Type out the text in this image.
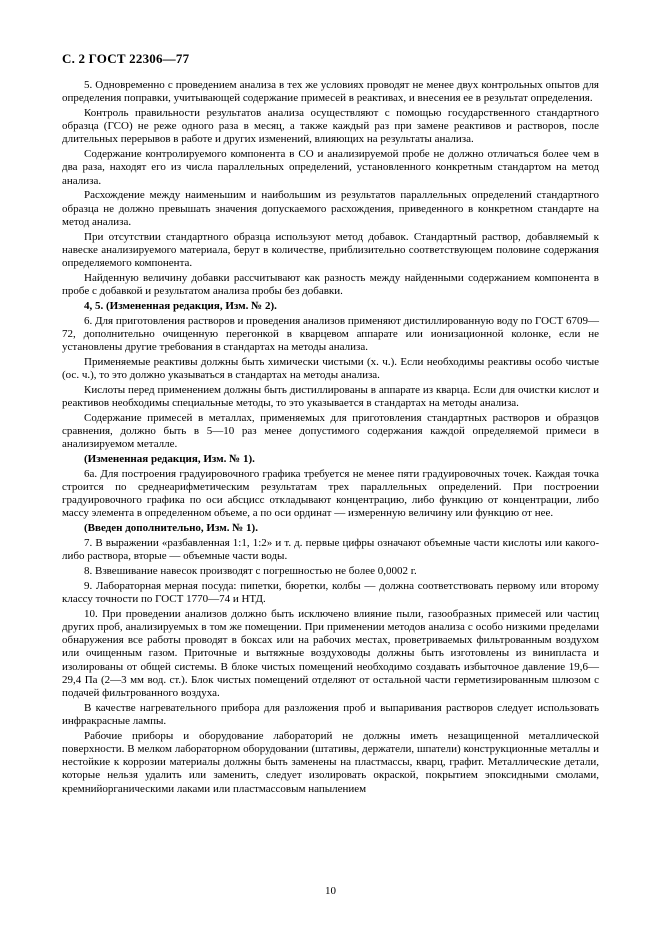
С. 2 ГОСТ 22306—77

5. Одновременно с проведением анализа в тех же условиях проводят не менее двух контрольных опытов для определения поправки, учитывающей содержание примесей в реактивах, и внесения ее в результат определения.

Контроль правильности результатов анализа осуществляют с помощью государственного стандартного образца (ГСО) не реже одного раза в месяц, а также каждый раз при замене реактивов и растворов, после длительных перерывов в работе и других изменений, влияющих на результаты анализа.

Содержание контролируемого компонента в СО и анализируемой пробе не должно отличаться более чем в два раза, находят его из числа параллельных определений, установленного конкретным стандартом на метод анализа.

Расхождение между наименьшим и наибольшим из результатов параллельных определений стандартного образца не должно превышать значения допускаемого расхождения, приведенного в конкретном стандарте на метод анализа.

При отсутствии стандартного образца используют метод добавок. Стандартный раствор, добавляемый к навеске анализируемого материала, берут в количестве, приблизительно соответствующем половине содержания определяемого компонента.

Найденную величину добавки рассчитывают как разность между найденными содержанием компонента в пробе с добавкой и результатом анализа пробы без добавки.

4, 5. (Измененная редакция, Изм. № 2).

6. Для приготовления растворов и проведения анализов применяют дистиллированную воду по ГОСТ 6709—72, дополнительно очищенную перегонкой в кварцевом аппарате или ионизационной колонке, если не установлены другие требования в стандартах на методы анализа.

Применяемые реактивы должны быть химически чистыми (х. ч.). Если необходимы реактивы особо чистые (ос. ч.), то это должно указываться в стандартах на методы анализа.

Кислоты перед применением должны быть дистиллированы в аппарате из кварца. Если для очистки кислот и реактивов необходимы специальные методы, то это указывается в стандартах на методы анализа.

Содержание примесей в металлах, применяемых для приготовления стандартных растворов и образцов сравнения, должно быть в 5—10 раз менее допустимого содержания каждой определяемой примеси в анализируемом металле.

(Измененная редакция, Изм. № 1).

6а. Для построения градуировочного графика требуется не менее пяти градуировочных точек. Каждая точка строится по среднеарифметическим результатам трех параллельных определений. При построении градуировочного графика по оси абсцисс откладывают концентрацию, либо функцию от концентрации, либо массу элемента в определенном объеме, а по оси ординат — измеренную величину или функцию от нее.

(Введен дополнительно, Изм. № 1).

7. В выражении «разбавленная 1:1, 1:2» и т. д. первые цифры означают объемные части кислоты или какого-либо раствора, вторые — объемные части воды.

8. Взвешивание навесок производят с погрешностью не более 0,0002 г.

9. Лабораторная мерная посуда: пипетки, бюретки, колбы — должна соответствовать первому или второму классу точности по ГОСТ 1770—74 и НТД.

10. При проведении анализов должно быть исключено влияние пыли, газообразных примесей или частиц других проб, анализируемых в том же помещении. При применении методов анализа с особо низкими пределами обнаружения все работы проводят в боксах или на рабочих местах, проветриваемых фильтрованным воздухом или очищенным газом. Приточные и вытяжные воздуховоды должны быть изготовлены из винипласта и изолированы от общей системы. В блоке чистых помещений необходимо создавать избыточное давление 19,6—29,4 Па (2—3 мм вод. ст.). Блок чистых помещений отделяют от остальной части герметизированным шлюзом с подачей фильтрованного воздуха.

В качестве нагревательного прибора для разложения проб и выпаривания растворов следует использовать инфракрасные лампы.

Рабочие приборы и оборудование лабораторий не должны иметь незащищенной металлической поверхности. В мелком лабораторном оборудовании (штативы, держатели, шпатели) конструкционные металлы и нестойкие к коррозии материалы должны быть заменены на пластмассы, кварц, графит. Металлические детали, которые нельзя удалить или заменить, следует изолировать окраской, покрытием эпоксидными смолами, кремнийорганическими лаками или пластмассовым напылением

10
